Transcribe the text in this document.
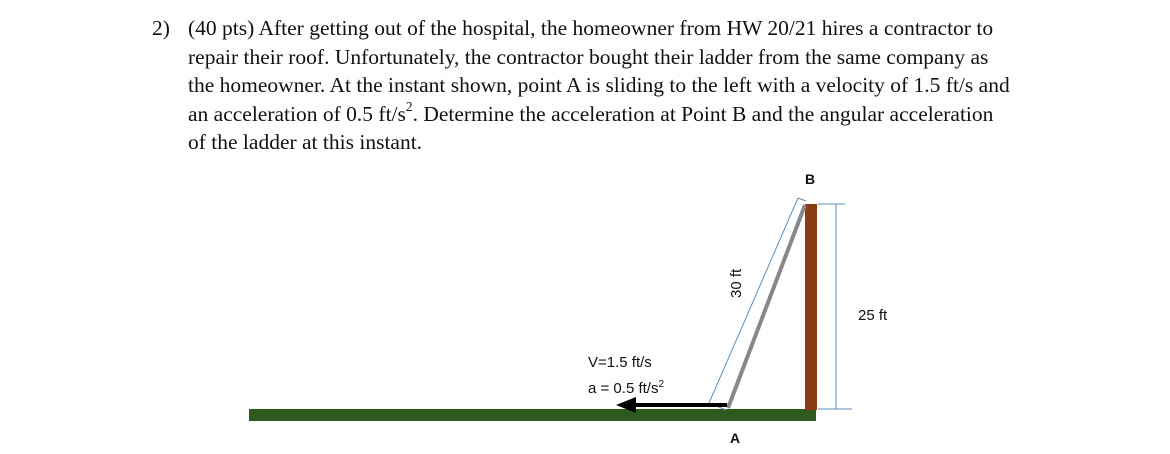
2) (40 pts) After getting out of the hospital, the homeowner from HW 20/21 hires a contractor to
repair their roof. Unfortunately, the contractor bought their ladder from the same company as
the homeowner. At the instant shown, point A is sliding to the left with a velocity of 1.5 ft/s and
an acceleration of 0.5 $ft/s^2$. Determine the acceleration at Point B and the angular acceleration
of the ladder at this instant.
B
A
25 ft
30 ft
V=1.5 ft/s
a = 0.5 $ft/s^2$
